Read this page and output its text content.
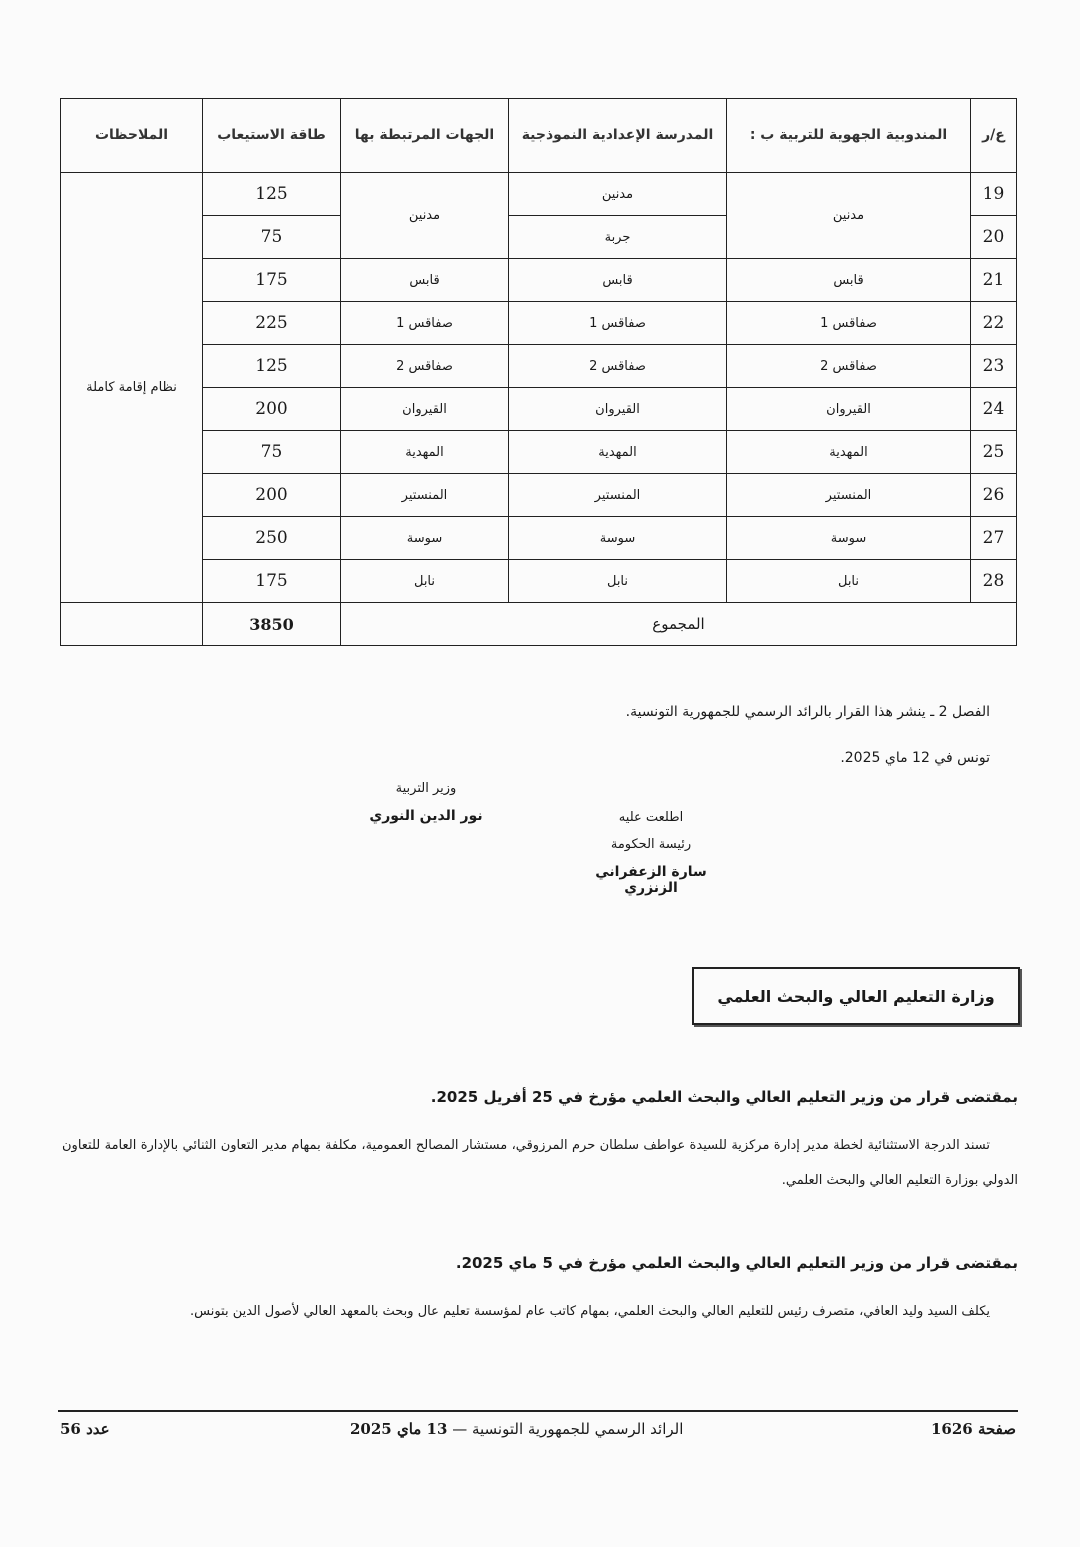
ع/ر	المندوبية الجهوية للتربية ب :	المدرسة الإعدادية النموذجية	الجهات المرتبطة بها	طاقة الاستيعاب	الملاحظات
19	مدنين	مدنين	مدنين	125	نظام إقامة كاملة
20		جربة		75	
21	قابس	قابس	قابس	175	
22	صفاقس 1	صفاقس 1	صفاقس 1	225	
23	صفاقس 2	صفاقس 2	صفاقس 2	125	
24	القيروان	القيروان	القيروان	200	
25	المهدية	المهدية	المهدية	75	
26	المنستير	المنستير	المنستير	200	
27	سوسة	سوسة	سوسة	250	
28	نابل	نابل	نابل	175	
المجموع				3850	
الفصل 2 ـ ينشر هذا القرار بالرائد الرسمي للجمهورية التونسية.
تونس في 12 ماي 2025.
وزير التربية
نور الدين النوري	اطلعت عليه
رئيسة الحكومة
سارة الزعفراني الزنزري
وزارة التعليم العالي والبحث العلمي
بمقتضى قرار من وزير التعليم العالي والبحث العلمي مؤرخ في 25 أفريل 2025.
تسند الدرجة الاستثنائية لخطة مدير إدارة مركزية للسيدة عواطف سلطان حرم المرزوقي، مستشار المصالح العمومية، مكلفة بمهام مدير التعاون الثنائي بالإدارة العامة للتعاون الدولي بوزارة التعليم العالي والبحث العلمي.
بمقتضى قرار من وزير التعليم العالي والبحث العلمي مؤرخ في 5 ماي 2025.
يكلف السيد وليد العافي، متصرف رئيس للتعليم العالي والبحث العلمي، بمهام كاتب عام لمؤسسة تعليم عال وبحث بالمعهد العالي لأصول الدين بتونس.
صفحة 1626
الرائد الرسمي للجمهورية التونسية — 13 ماي 2025
عدد 56
